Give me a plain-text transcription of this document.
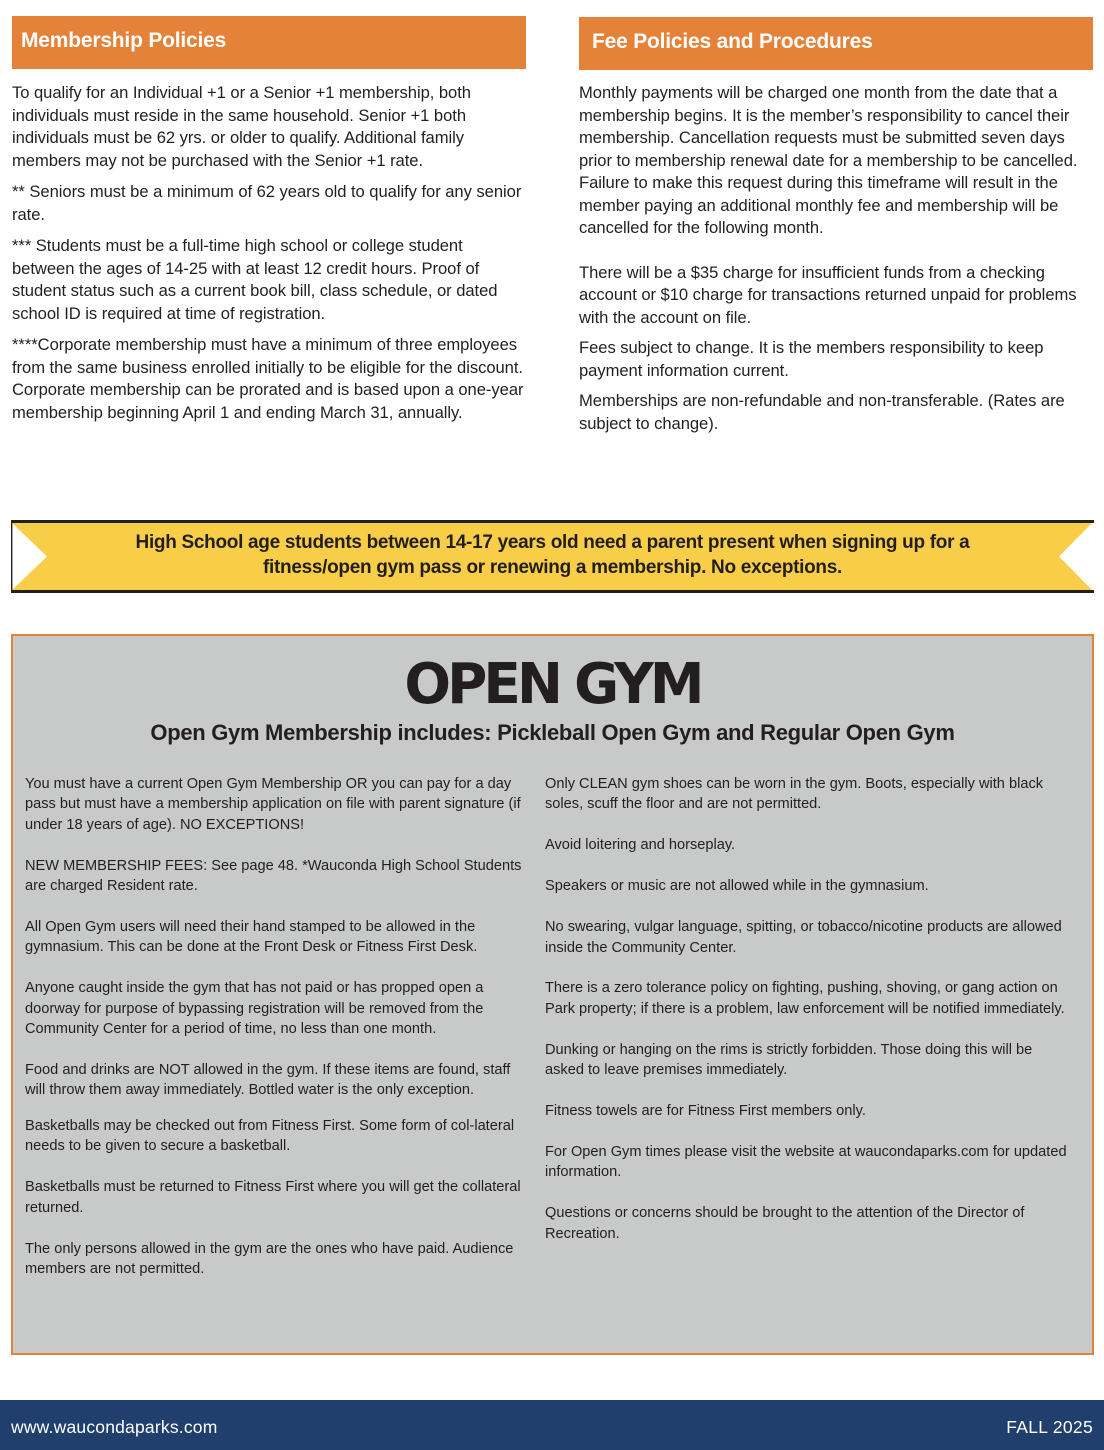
Membership Policies

To qualify for an Individual +1 or a Senior +1 membership, both individuals must reside in the same household. Senior +1 both individuals must be 62 yrs. or older to qualify. Additional family members may not be purchased with the Senior +1 rate.

** Seniors must be a minimum of 62 years old to qualify for any senior rate.

*** Students must be a full-time high school or college student between the ages of 14-25 with at least 12 credit hours. Proof of student status such as a current book bill, class schedule, or dated school ID is required at time of registration.

****Corporate membership must have a minimum of three employees from the same business enrolled initially to be eligible for the discount. Corporate membership can be prorated and is based upon a one-year membership beginning April 1 and ending March 31, annually.

Fee Policies and Procedures

Monthly payments will be charged one month from the date that a membership begins. It is the member’s responsibility to cancel their membership. Cancellation requests must be submitted seven days prior to membership renewal date for a membership to be cancelled. Failure to make this request during this timeframe will result in the member paying an additional monthly fee and membership will be cancelled for the following month.

There will be a $35 charge for insufficient funds from a checking account or $10 charge for transactions returned unpaid for problems with the account on file.

Fees subject to change. It is the members responsibility to keep payment information current.

Memberships are non-refundable and non-transferable. (Rates are subject to change).

High School age students between 14-17 years old need a parent present when signing up for a
fitness/open gym pass or renewing a membership. No exceptions.
OPEN GYM
Open Gym Membership includes: Pickleball Open Gym and Regular Open Gym

You must have a current Open Gym Membership OR you can pay for a day pass but must have a membership application on file with parent signature (if under 18 years of age). NO EXCEPTIONS!

NEW MEMBERSHIP FEES: See page 48. *Wauconda High School Students are charged Resident rate.

All Open Gym users will need their hand stamped to be allowed in the gymnasium. This can be done at the Front Desk or Fitness First Desk.

Anyone caught inside the gym that has not paid or has propped open a doorway for purpose of bypassing registration will be removed from the Community Center for a period of time, no less than one month.

Food and drinks are NOT allowed in the gym. If these items are found, staff will throw them away immediately. Bottled water is the only exception.

Basketballs may be checked out from Fitness First. Some form of col-lateral needs to be given to secure a basketball.

Basketballs must be returned to Fitness First where you will get the collateral returned.

The only persons allowed in the gym are the ones who have paid. Audience members are not permitted.

Only CLEAN gym shoes can be worn in the gym. Boots, especially with black soles, scuff the floor and are not permitted.

Avoid loitering and horseplay.

Speakers or music are not allowed while in the gymnasium.

No swearing, vulgar language, spitting, or tobacco/nicotine products are allowed inside the Community Center.

There is a zero tolerance policy on fighting, pushing, shoving, or gang action on Park property; if there is a problem, law enforcement will be notified immediately.

Dunking or hanging on the rims is strictly forbidden. Those doing this will be asked to leave premises immediately.

Fitness towels are for Fitness First members only.

For Open Gym times please visit the website at waucondaparks.com for updated information.

Questions or concerns should be brought to the attention of the Director of Recreation.

www.waucondaparks.com	FALL 2025
